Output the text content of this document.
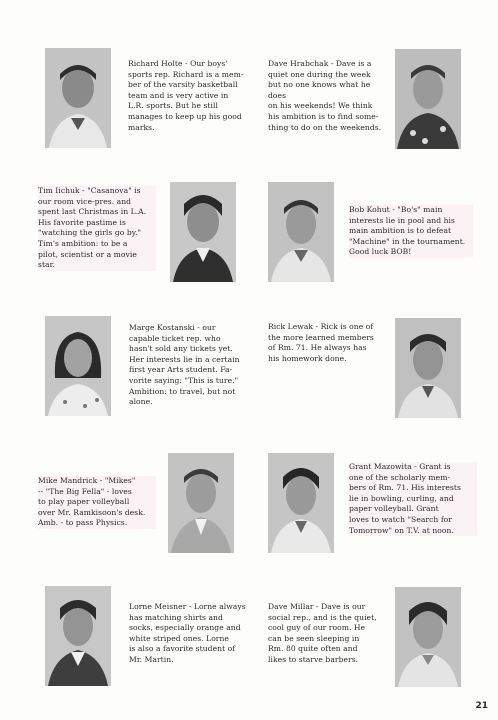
Richard Holte - Our boys'
sports rep. Richard is a mem-
ber of the varsity basketball
team and is very active in
L.R. sports. But he still
manages to keep up his good
marks.
Dave Hrabchak - Dave is a
quiet one during the week
but no one knows what he does
on his weekends! We think
his ambition is to find some-
thing to do on the weekends.
Tim Iichuk - "Casanova" is
our room vice-pres. and
spent last Christmas in L.A.
His favorite pastime is
"watching the girls go by."
Tim's ambition: to be a
pilot, scientist or a movie
star.
Bob Kohut - "Bo's" main
interests lie in pool and his
main ambition is to defeat
"Machine" in the tournament.
Good luck BOB!
Marge Kostanski - our
capable ticket rep. who
hasn't sold any tickets yet.
Her interests lie in a certain
first year Arts student. Fa-
vorite saying: "This is ture."
Ambition: to travel, but not
alone.
Rick Lewak - Rick is one of
the more learned members
of Rm. 71. He always has
his homework done.
Mike Mandrick - "Mikes"
-- "The Big Fella" - loves
to play paper volleyball
over Mr. Ramkisoon's desk.
Amb. - to pass Physics.
Grant Mazowita - Grant is
one of the scholarly mem-
bers of Rm. 71. His interests
lie in bowling, curling, and
paper volleyball. Grant
loves to watch "Search for
Tomorrow" on T.V. at noon.
Lorne Meisner - Lorne always
has matching shirts and
socks, especially orange and
white striped ones. Lorne
is also a favorite student of
Mr. Martin.
Dave Millar - Dave is our
social rep., and is the quiet,
cool guy of our room. He
can be seen sleeping in
Rm. 80 quite often and
likes to starve barbers.
21
